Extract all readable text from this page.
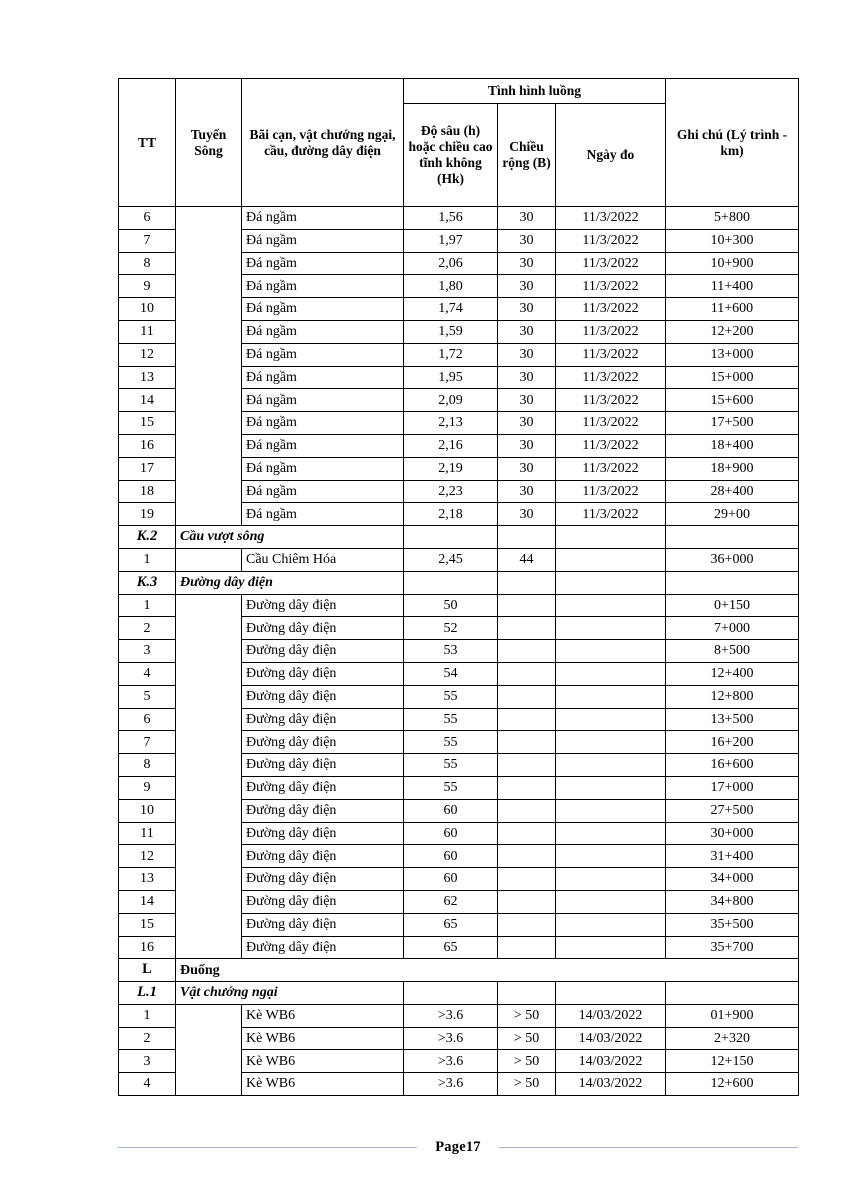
TT	Tuyến Sông	Bãi cạn, vật chướng ngại, cầu, đường dây điện	Tình hình luồng			Ghi chú (Lý trình - km)
			Độ sâu (h) hoặc chiều cao tĩnh không (Hk)	Chiều rộng (B)	Ngày đo	
6		Đá ngầm	1,56	30	11/3/2022	5+800
7		Đá ngầm	1,97	30	11/3/2022	10+300
8		Đá ngầm	2,06	30	11/3/2022	10+900
9		Đá ngầm	1,80	30	11/3/2022	11+400
10		Đá ngầm	1,74	30	11/3/2022	11+600
11		Đá ngầm	1,59	30	11/3/2022	12+200
12		Đá ngầm	1,72	30	11/3/2022	13+000
13		Đá ngầm	1,95	30	11/3/2022	15+000
14		Đá ngầm	2,09	30	11/3/2022	15+600
15		Đá ngầm	2,13	30	11/3/2022	17+500
16		Đá ngầm	2,16	30	11/3/2022	18+400
17		Đá ngầm	2,19	30	11/3/2022	18+900
18		Đá ngầm	2,23	30	11/3/2022	28+400
19		Đá ngầm	2,18	30	11/3/2022	29+00
K.2	Cầu vượt sông					
1		Cầu Chiêm Hóa	2,45	44		36+000
K.3	Đường dây điện					
1		Đường dây điện	50			0+150
2		Đường dây điện	52			7+000
3		Đường dây điện	53			8+500
4		Đường dây điện	54			12+400
5		Đường dây điện	55			12+800
6		Đường dây điện	55			13+500
7		Đường dây điện	55			16+200
8		Đường dây điện	55			16+600
9		Đường dây điện	55			17+000
10		Đường dây điện	60			27+500
11		Đường dây điện	60			30+000
12		Đường dây điện	60			31+400
13		Đường dây điện	60			34+000
14		Đường dây điện	62			34+800
15		Đường dây điện	65			35+500
16		Đường dây điện	65			35+700
L	Đuống					
L.1	Vật chướng ngại					
1		Kè WB6	>3.6	> 50	14/03/2022	01+900
2		Kè WB6	>3.6	> 50	14/03/2022	2+320
3		Kè WB6	>3.6	> 50	14/03/2022	12+150
4		Kè WB6	>3.6	> 50	14/03/2022	12+600
Page17
